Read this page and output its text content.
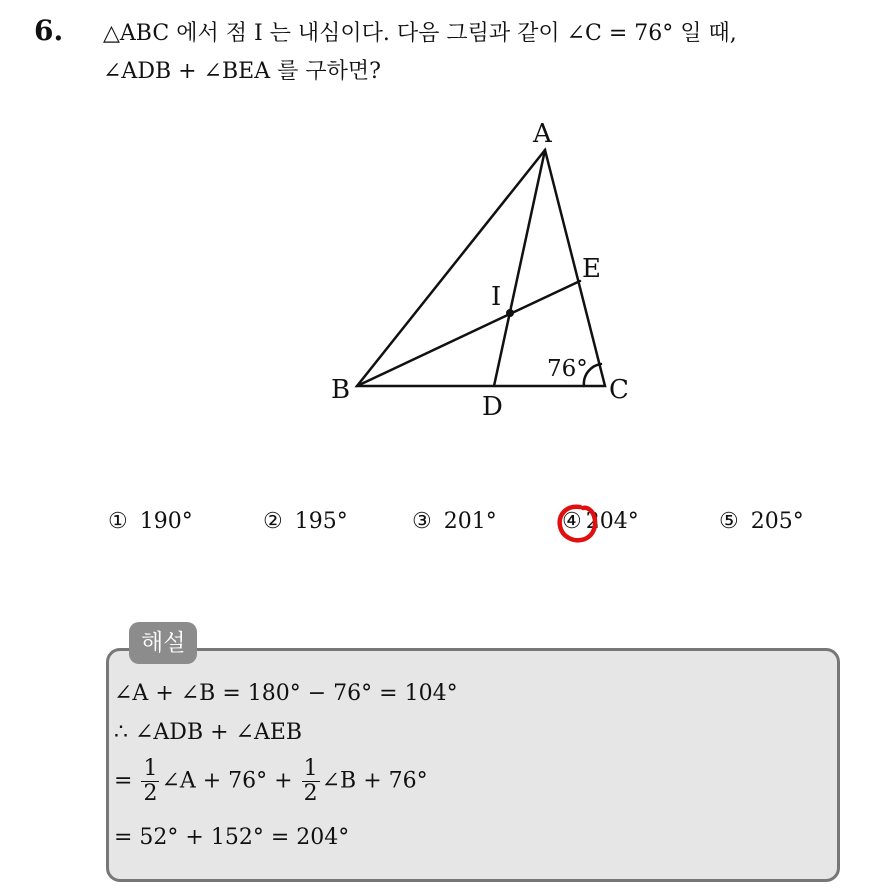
6. △ABC 에서 점 I 는 내심이다. 다음 그림과 같이 ∠C = 76° 일 때,
∠ADB + ∠BEA 를 구하면?
A
B	C
D
E
I
76°
① 190°	② 195°	③ 201°	④ 204°	⑤ 205°
해설
∠A + ∠B = 180° − 76° = 104°
∴ ∠ADB + ∠AEB
= $\frac{1}{2}$ ∠A + $76^\circ + \frac{1}{2}$ ∠B + 76°
= 52° + 152° = 204°
